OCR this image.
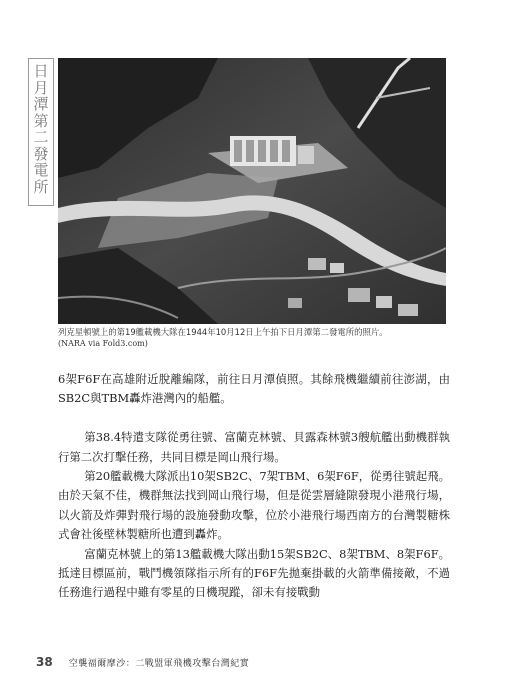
日
月
潭
第
二
發
電
所
列克星頓號上的第19艦載機大隊在1944年10月12日上午拍下日月潭第二發電所的照片。
(NARA via Fold3.com)

6架F6F在高雄附近脫離編隊，前往日月潭偵照。其餘飛機繼續前往澎湖，由SB2C與TBM轟炸港灣內的船艦。

第38.4特遣支隊從勇往號、富蘭克林號、貝露森林號3艘航艦出動機群執行第二次打擊任務，共同目標是岡山飛行場。

第20艦載機大隊派出10架SB2C、7架TBM、6架F6F，從勇往號起飛。由於天氣不佳，機群無法找到岡山飛行場，但是從雲層縫隙發現小港飛行場，以火箭及炸彈對飛行場的設施發動攻擊，位於小港飛行場西南方的台灣製糖株式會社後壁林製糖所也遭到轟炸。

富蘭克林號上的第13艦載機大隊出動15架SB2C、8架TBM、8架F6F。抵達目標區前，戰鬥機領隊指示所有的F6F先拋棄掛載的火箭準備接敵，不過任務進行過程中雖有零星的日機現蹤，卻未有接戰動

38 空襲福爾摩沙：二戰盟軍飛機攻擊台灣紀實
